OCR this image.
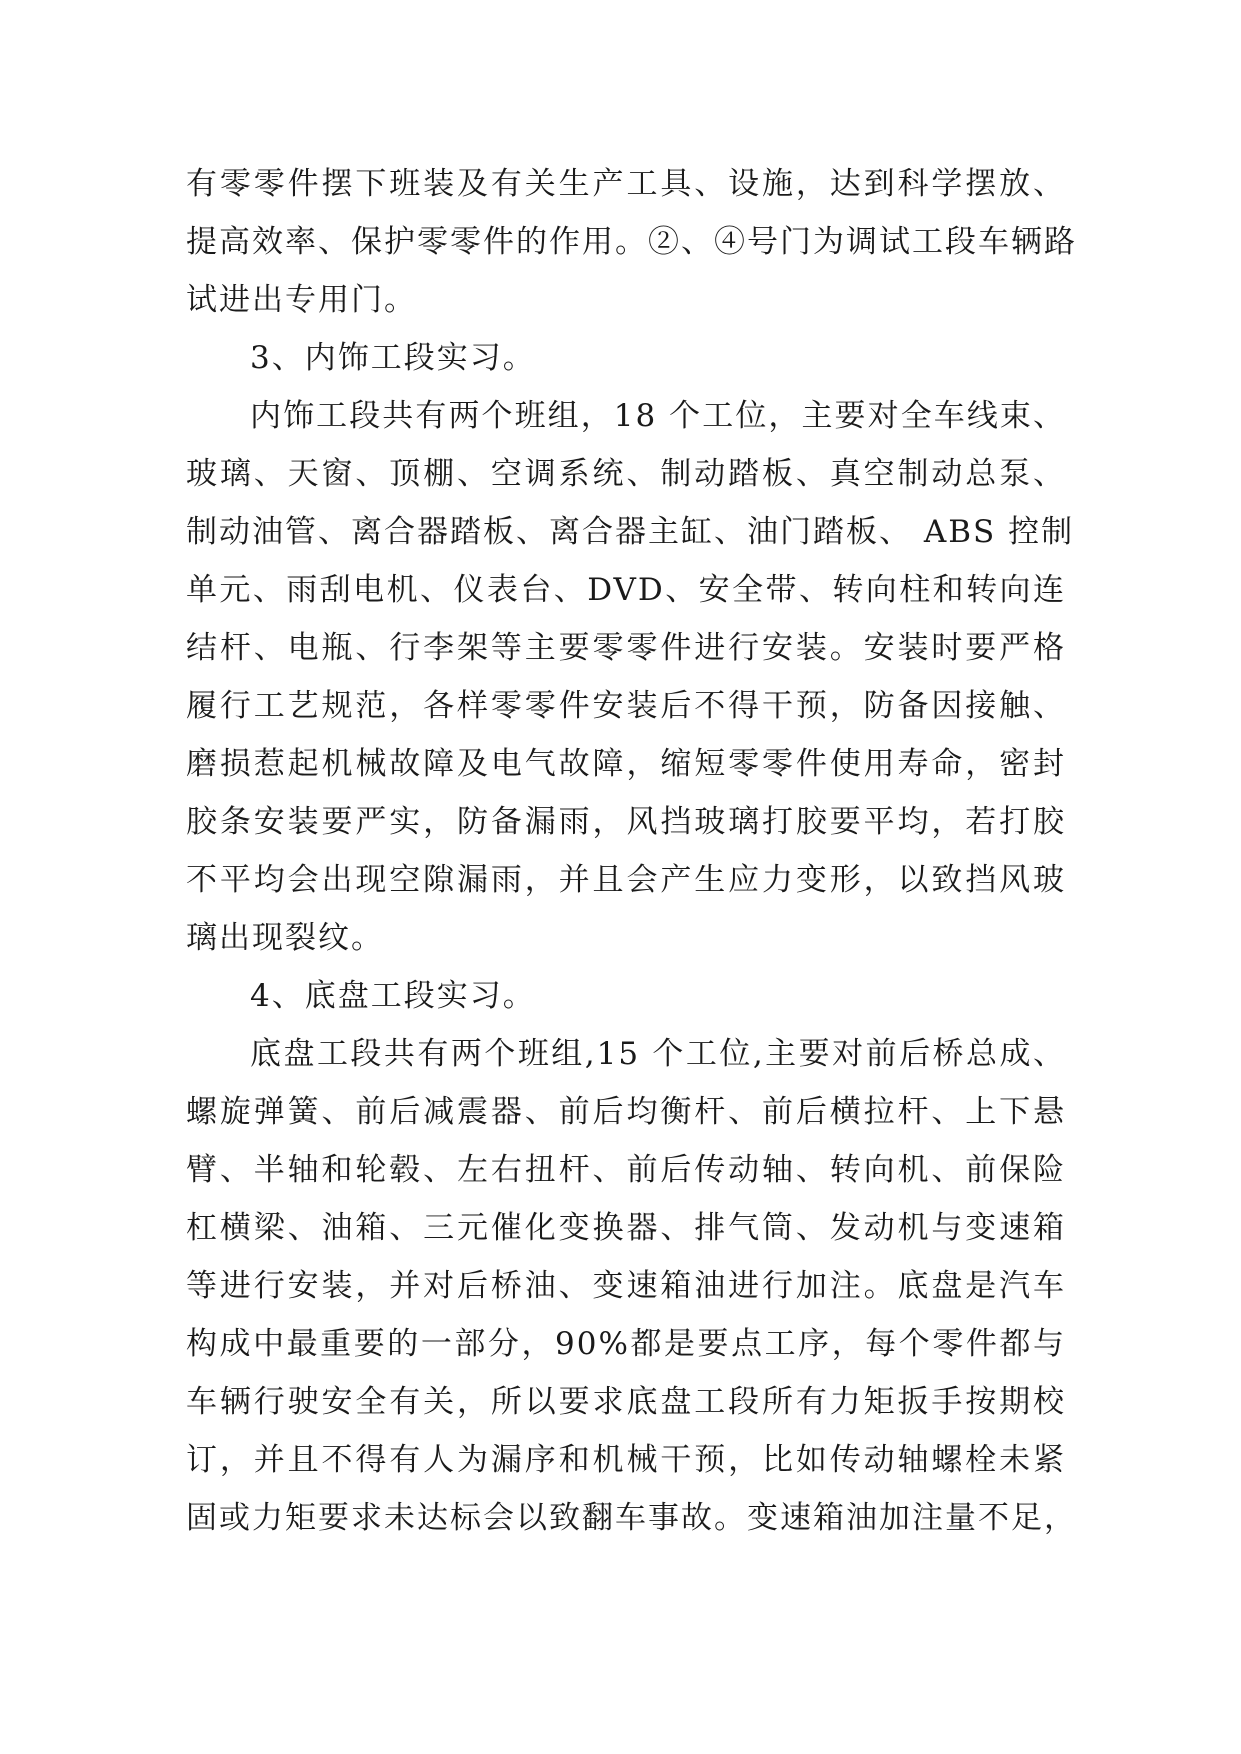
有零零件摆下班装及有关生产工具、设施，达到科学摆放、
提高效率、保护零零件的作用。②、④号门为调试工段车辆路
试进出专用门。
3、内饰工段实习。
内饰工段共有两个班组，18 个工位，主要对全车线束、
玻璃、天窗、顶棚、空调系统、制动踏板、真空制动总泵、
制动油管、离合器踏板、离合器主缸、油门踏板、 ABS 控制
单元、雨刮电机、仪表台、DVD、安全带、转向柱和转向连
结杆、电瓶、行李架等主要零零件进行安装。安装时要严格
履行工艺规范，各样零零件安装后不得干预，防备因接触、
磨损惹起机械故障及电气故障，缩短零零件使用寿命，密封
胶条安装要严实，防备漏雨，风挡玻璃打胶要平均，若打胶
不平均会出现空隙漏雨，并且会产生应力变形，以致挡风玻
璃出现裂纹。
4、底盘工段实习。
底盘工段共有两个班组,15 个工位,主要对前后桥总成、
螺旋弹簧、前后减震器、前后均衡杆、前后横拉杆、上下悬
臂、半轴和轮毂、左右扭杆、前后传动轴、转向机、前保险
杠横梁、油箱、三元催化变换器、排气筒、发动机与变速箱
等进行安装，并对后桥油、变速箱油进行加注。底盘是汽车
构成中最重要的一部分，90%都是要点工序，每个零件都与
车辆行驶安全有关，所以要求底盘工段所有力矩扳手按期校
订，并且不得有人为漏序和机械干预，比如传动轴螺栓未紧
固或力矩要求未达标会以致翻车事故。变速箱油加注量不足，
